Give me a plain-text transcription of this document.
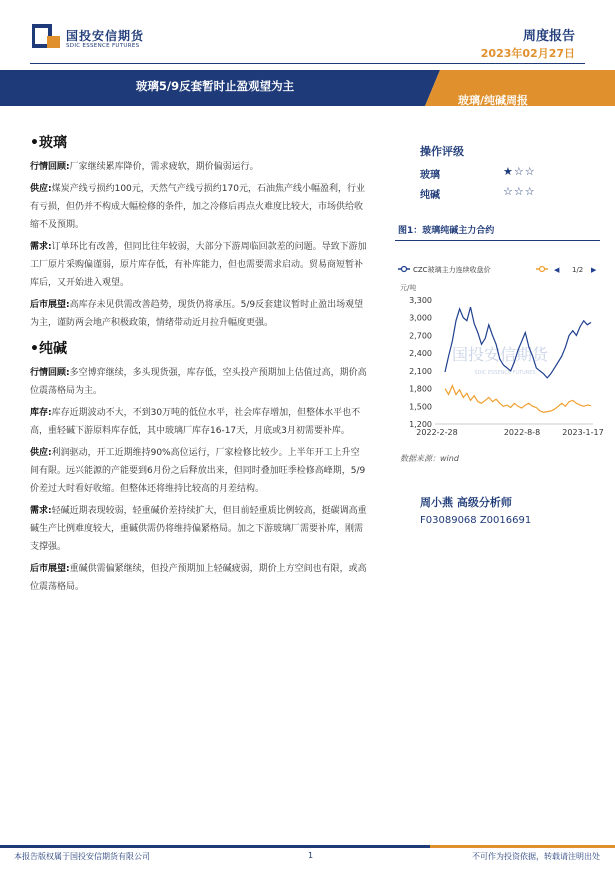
国投安信期货
SDIC ESSENCE FUTURES
周度报告
2023年02月27日
玻璃5/9反套暂时止盈观望为主
玻璃/纯碱周报
•玻璃
行情回顾:厂家继续累库降价，需求疲软，期价偏弱运行。
供应:煤炭产线亏损约100元，天然气产线亏损约170元，石油焦产线小幅盈利，行业有亏损，但仍并不构成大幅检修的条件，加之冷修后再点火难度比较大，市场供给收缩不及预期。
需求:订单环比有改善，但同比往年较弱，大部分下游周临回款差的问题。导致下游加工厂原片采购偏谨弱，原片库存低，有补库能力，但也需要需求启动。贸易商短暂补库后，又开始进入观望。
后市展望:高库存未见供需改善趋势，现货仍将承压。5/9反套建议暂时止盈出场观望为主，谨防两会地产积极政策，情绪带动近月拉升幅度更强。
•纯碱
行情回顾:多空博弈继续，多头现货强，库存低，空头投产预期加上估值过高，期价高位震荡格局为主。
库存:库存近期波动不大，不到30万吨的低位水平，社会库存增加，但整体水平也不高，重轻碱下游原料库存低，其中玻璃厂库存16-17天，月底或3月初需要补库。
供应:利润驱动，开工近期维持90%高位运行，厂家检修比较少。上半年开工上升空间有限。远兴能源的产能要到6月份之后释放出来，但同时叠加旺季检修高峰期，5/9价差过大时看好收缩。但整体还将维持比较高的月差结构。
需求:轻碱近期表现较弱，轻重碱价差持续扩大，但目前轻重质比例较高，挺碳调高重碱生产比例难度较大，重碱供需仍将维持偏紧格局。加之下游玻璃厂需要补库，刚需支撑强。
后市展望:重碱供需偏紧继续，但投产预期加上轻碱疲弱，期价上方空间也有限，或高位震荡格局。
操作评级
玻璃	★☆☆
纯碱	☆☆☆
图1：玻璃纯碱主力合约
国投安信期货
SDIC ESSENCE FUTURES
CZC玻璃主力连续收盘价	◀ 1/2 ▶
元/吨
1,200
1,500
1,800
2,100
2,400
2,700
3,000
3,300
2022-2-28	2022-8-8	2023-1-17
数据来源：wind
周小燕 高级分析师
F03089068 Z0016691
本报告版权属于国投安信期货有限公司	1	不可作为投资依据，转载请注明出处
